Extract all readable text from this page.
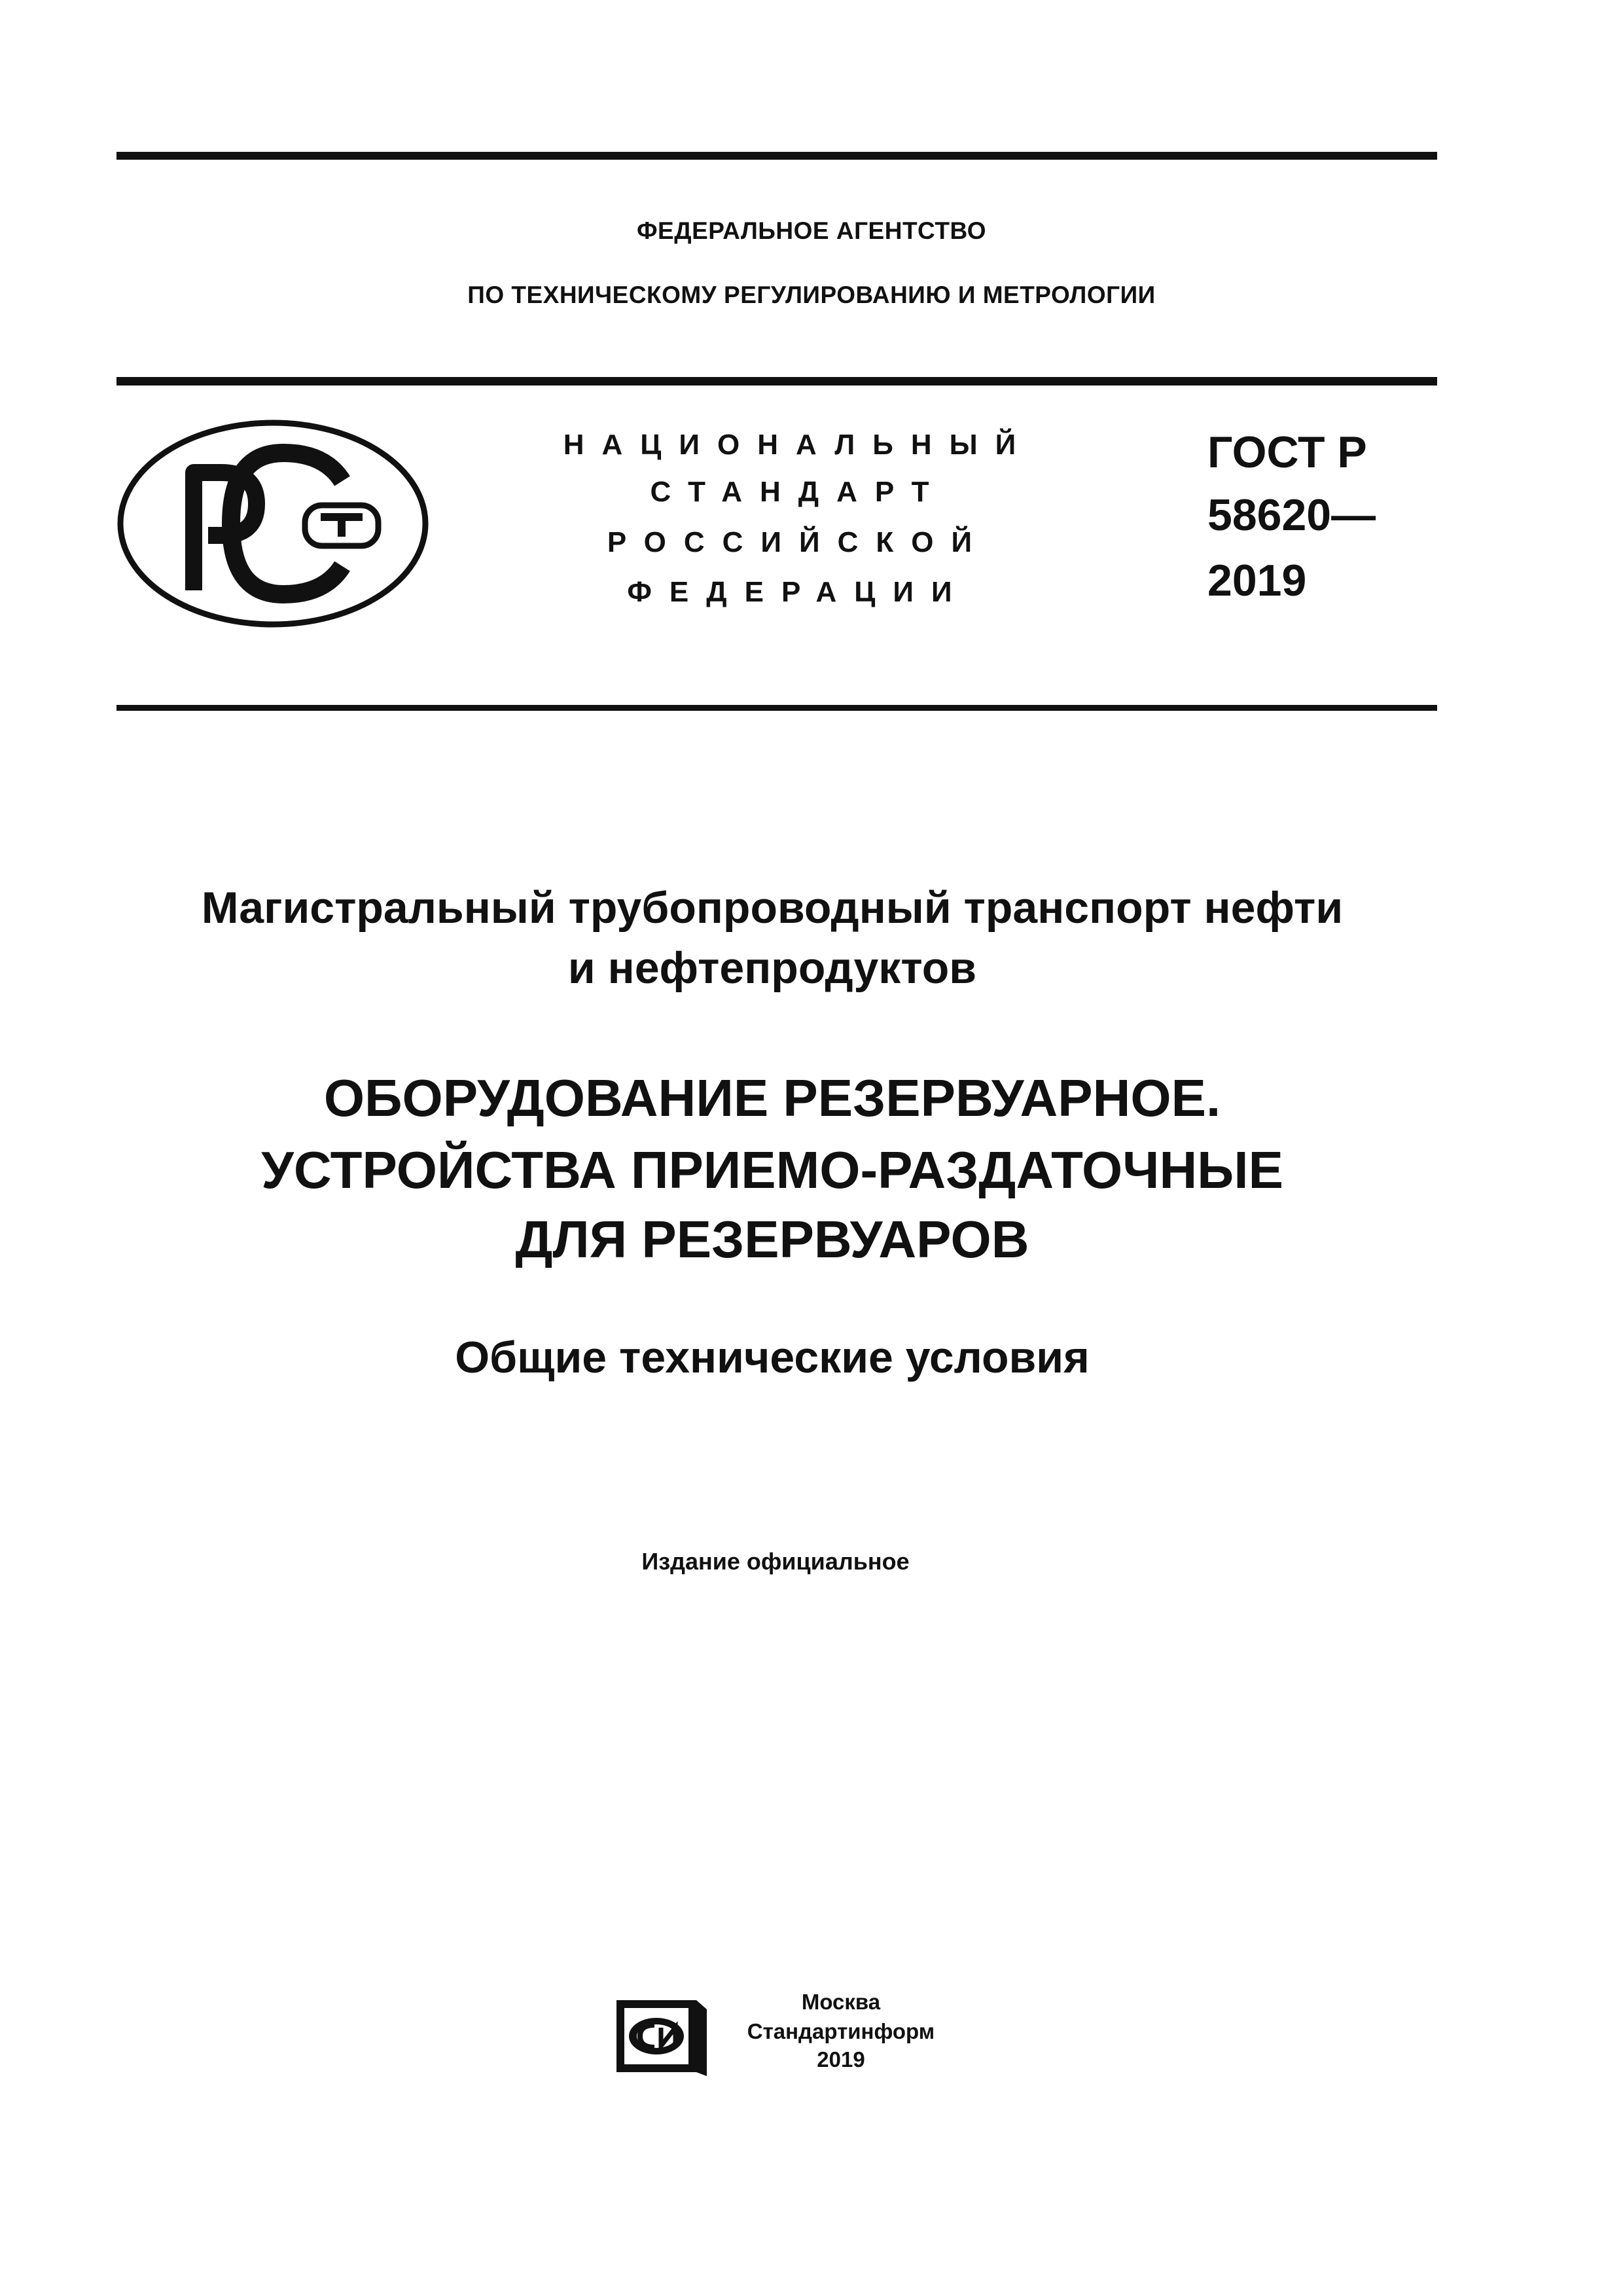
ФЕДЕРАЛЬНОЕ АГЕНТСТВО
ПО ТЕХНИЧЕСКОМУ РЕГУЛИРОВАНИЮ И МЕТРОЛОГИИ
НАЦИОНАЛЬНЫЙ
СТАНДАРТ
РОССИЙСКОЙ
ФЕДЕРАЦИИ
ГОСТ Р
58620—
2019
Магистральный трубопроводный транспорт нефти
и нефтепродуктов
ОБОРУДОВАНИЕ РЕЗЕРВУАРНОЕ.
УСТРОЙСТВА ПРИЕМО-РАЗДАТОЧНЫЕ
ДЛЯ РЕЗЕРВУАРОВ
Общие технические условия
Издание официальное
Москва
Стандартинформ
2019
